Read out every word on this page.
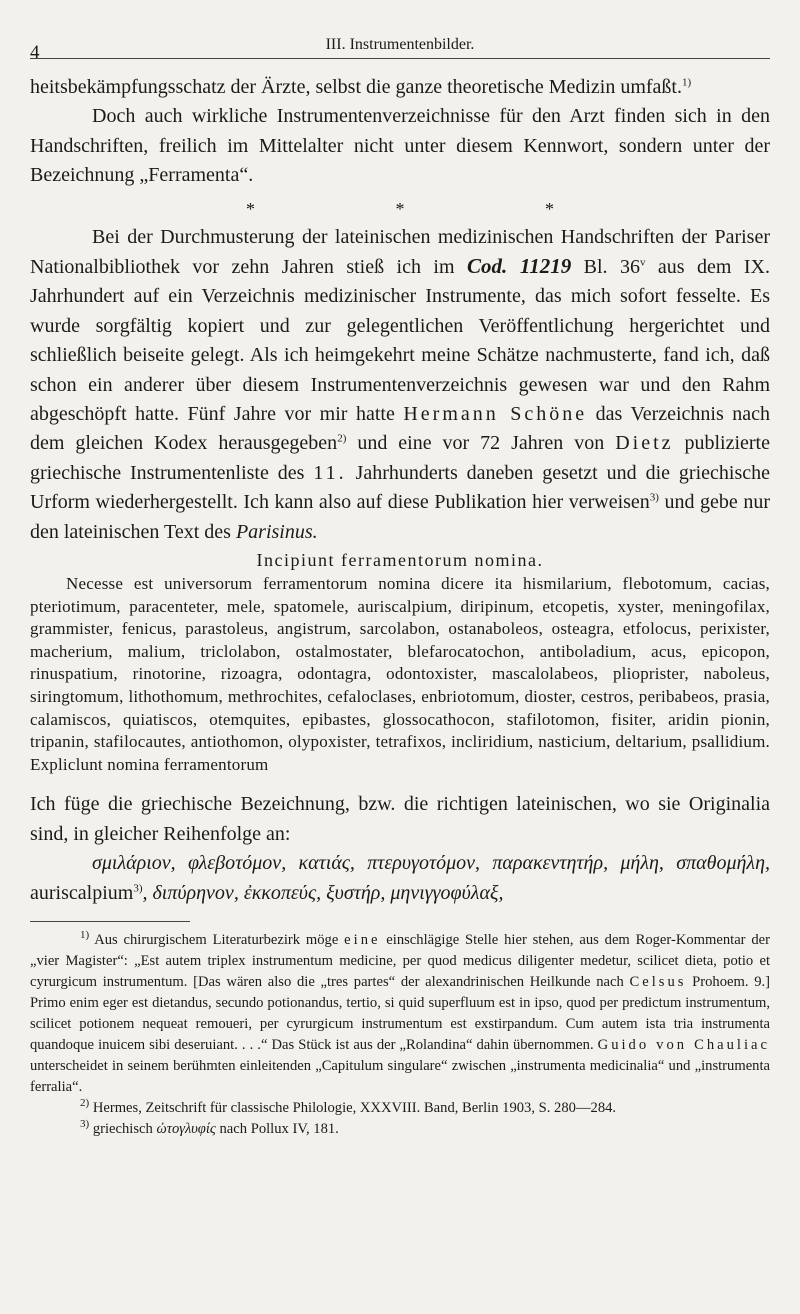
4	III. Instrumentenbilder.

heitsbekämpfungsschatz der Ärzte, selbst die ganze theoretische Medizin umfaßt.$^{1)}$

Doch auch wirkliche Instrumentenverzeichnisse für den Arzt finden sich in den Handschriften, freilich im Mittelalter nicht unter diesem Kennwort, sondern unter der Bezeichnung „Ferramenta“.

* * *

Bei der Durchmusterung der lateinischen medizinischen Handschriften der Pariser Nationalbibliothek vor zehn Jahren stieß ich im Cod. 11219 Bl. 36$^v$ aus dem IX. Jahrhundert auf ein Verzeichnis medizinischer Instrumente, das mich sofort fesselte. Es wurde sorgfältig kopiert und zur gelegentlichen Veröffentlichung hergerichtet und schließlich beiseite gelegt. Als ich heimgekehrt meine Schätze nachmusterte, fand ich, daß schon ein anderer über diesem Instrumentenverzeichnis gewesen war und den Rahm abgeschöpft hatte. Fünf Jahre vor mir hatte Hermann Schöne das Verzeichnis nach dem gleichen Kodex herausgegeben$^{2)}$ und eine vor 72 Jahren von Dietz publizierte griechische Instrumentenliste des 11. Jahrhunderts daneben gesetzt und die griechische Urform wiederhergestellt. Ich kann also auf diese Publikation hier verweisen$^{3)}$ und gebe nur den lateinischen Text des Parisinus.

Incipiunt ferramentorum nomina.

Necesse est universorum ferramentorum nomina dicere ita hismilarium, flebotomum, cacias, pteriotimum, paracenteter, mele, spatomele, auriscalpium, diripinum, etcopetis, xyster, meningofilax, grammister, fenicus, parastoleus, angistrum, sarcolabon, ostanaboleos, osteagra, etfolocus, perixister, macherium, malium, triclolabon, ostalmostater, blefarocatochon, antiboladium, acus, epicopon, rinuspatium, rinotorine, rizoagra, odontagra, odontoxister, mascalolabeos, plioprister, naboleus, siringtomum, lithothomum, methrochites, cefaloclases, enbriotomum, dioster, cestros, peribabeos, prasia, calamiscos, quiatiscos, otemquites, epibastes, glossocathocon, stafilotomon, fisiter, aridin pionin, tripanin, stafilocautes, antiothomon, olypoxister, tetrafixos, incliridium, nasticium, deltarium, psallidium. Expliclunt nomina ferramentorum

Ich füge die griechische Bezeichnung, bzw. die richtigen lateinischen, wo sie Originalia sind, in gleicher Reihenfolge an:

σμιλάριον, φλεβοτόμον, κατιάς, πτερυγοτόμον, παρακεντητήρ, μήλη, σπαθομήλη, auriscalpium$^{3)}$, διπύρηνον, ἐκκοπεύς, ξυστήρ, μηνιγγοφύλαξ,

$^{1)}$ Aus chirurgischem Literaturbezirk möge eine einschlägige Stelle hier stehen, aus dem Roger-Kommentar der „vier Magister“: „Est autem triplex instrumentum medicine, per quod medicus diligenter medetur, scilicet dieta, potio et cyrurgicum instrumentum. [Das wären also die „tres partes“ der alexandrinischen Heilkunde nach Celsus Prohoem. 9.] Primo enim eger est dietandus, secundo potionandus, tertio, si quid superfluum est in ipso, quod per predictum instrumentum, scilicet potionem nequeat remoueri, per cyrurgicum instrumentum est exstirpandum. Cum autem ista tria instrumenta quandoque inuicem sibi deseruiant. . . .“ Das Stück ist aus der „Rolandina“ dahin übernommen. Guido von Chauliac unterscheidet in seinem berühmten einleitenden „Capitulum singulare“ zwischen „instrumenta medicinalia“ und „instrumenta ferralia“.

$^{2)}$ Hermes, Zeitschrift für classische Philologie, XXXVIII. Band, Berlin 1903, S. 280—284.

$^{3)}$ griechisch ὠτογλυφίς nach Pollux IV, 181.
